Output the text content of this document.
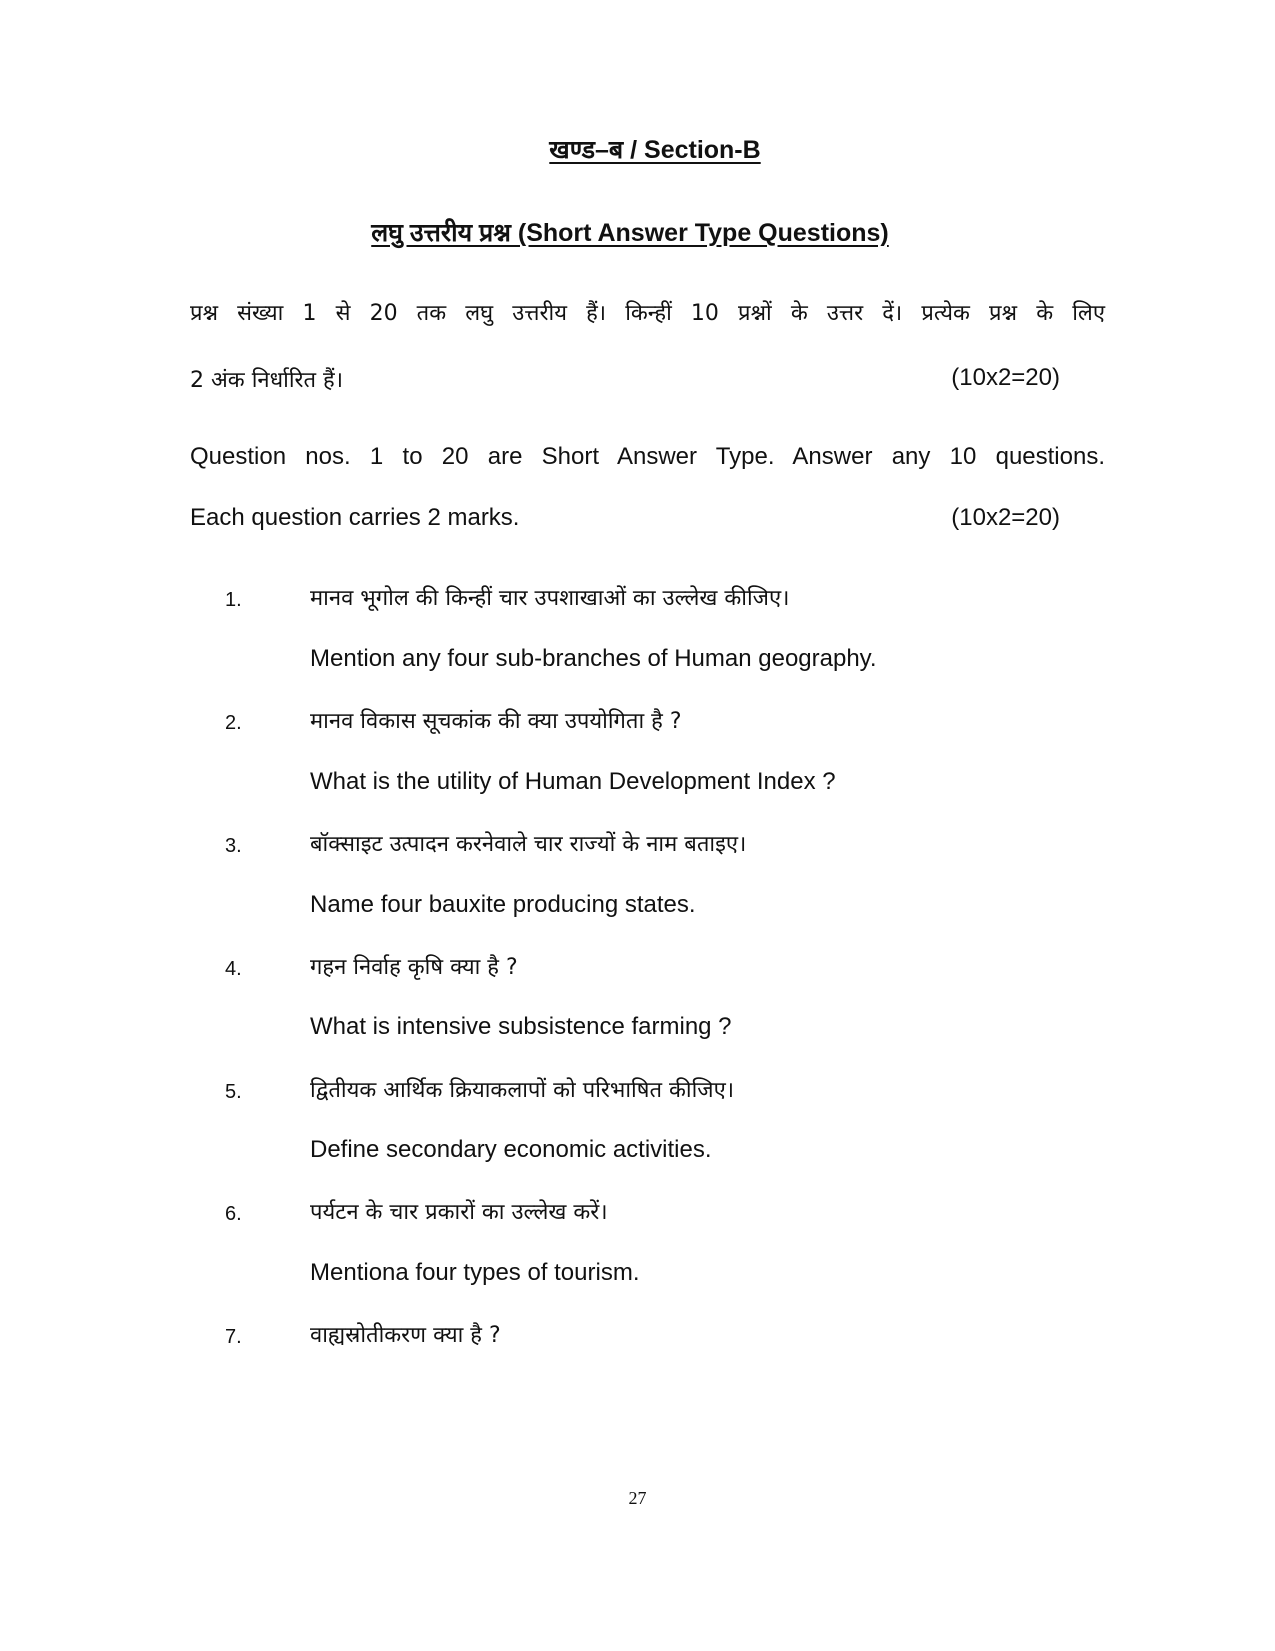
खण्ड–ब / Section-B
लघु उत्तरीय प्रश्न (Short Answer Type Questions)
प्रश्न संख्या 1 से 20 तक लघु उत्तरीय हैं। किन्हीं 10 प्रश्नों के उत्तर दें। प्रत्येक प्रश्न के लिए
2 अंक निर्धारित हैं।	(10x2=20)
Question nos. 1 to 20 are Short Answer Type. Answer any 10 questions.
Each question carries 2 marks.	(10x2=20)
1.	मानव भूगोल की किन्हीं चार उपशाखाओं का उल्लेख कीजिए।
Mention any four sub-branches of Human geography.
2.	मानव विकास सूचकांक की क्या उपयोगिता है ?
What is the utility of Human Development Index ?
3.	बॉक्साइट उत्पादन करनेवाले चार राज्यों के नाम बताइए।
Name four bauxite producing states.
4.	गहन निर्वाह कृषि क्या है ?
What is intensive subsistence farming ?
5.	द्वितीयक आर्थिक क्रियाकलापों को परिभाषित कीजिए।
Define secondary economic activities.
6.	पर्यटन के चार प्रकारों का उल्लेख करें।
Mentiona four types of tourism.
7.	वाह्यस्रोतीकरण क्या है ?
27
